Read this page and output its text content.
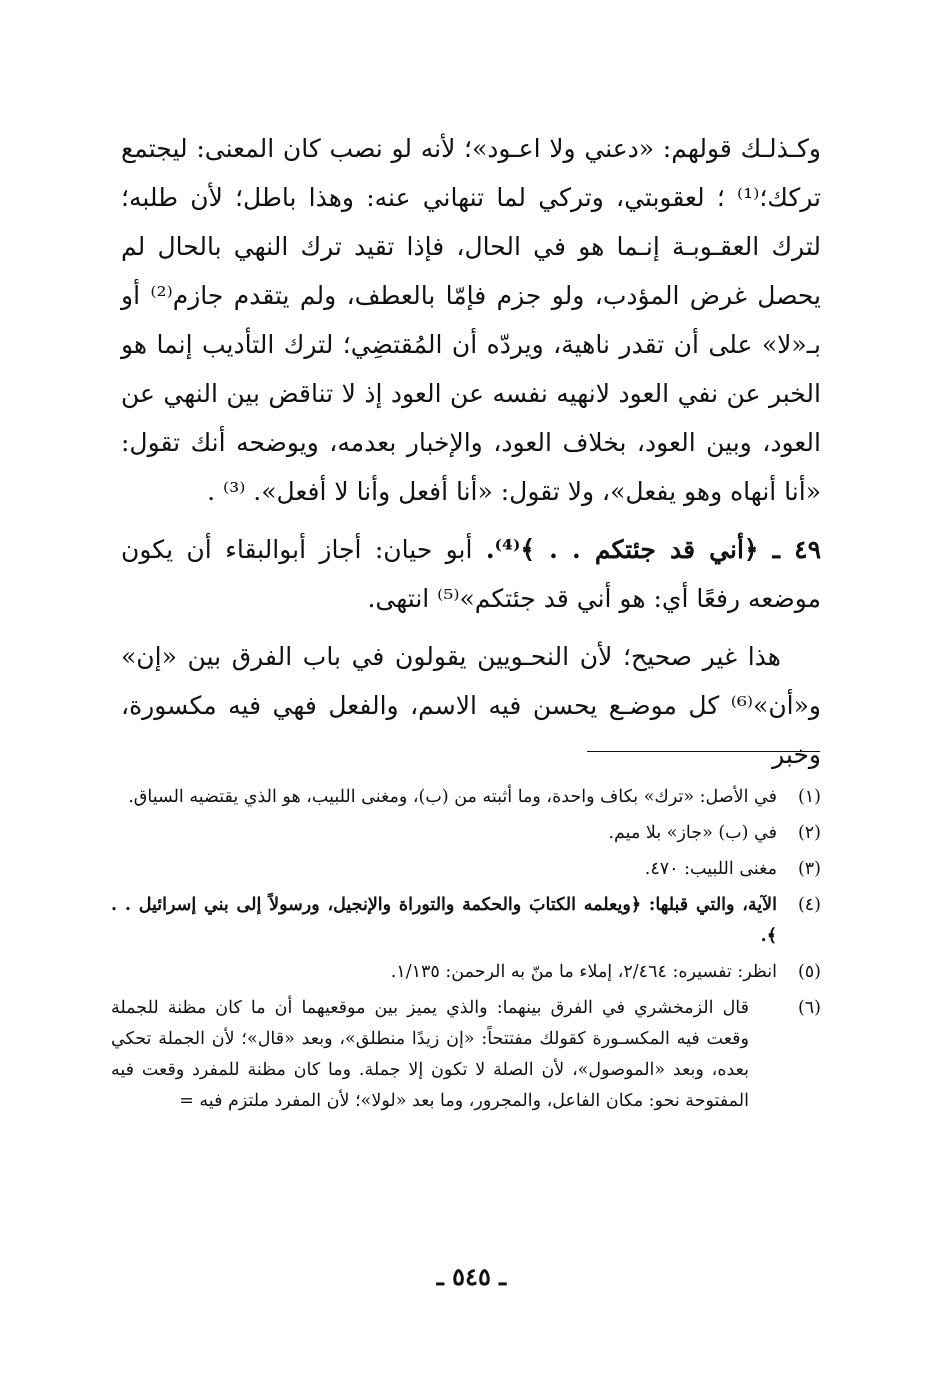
وكـذلـك قولهم: «دعني ولا اعـود»؛ لأنه لو نصب كان المعنى: ليجتمع تركك؛⁽¹⁾ ؛ لعقوبتي، وتركي لما تنهاني عنه: وهذا باطل؛ لأن طلبه؛ لترك العقـوبـة إنـما هو في الحال، فإذا تقيد ترك النهي بالحال لم يحصل غرض المؤدب، ولو جزم فإمّا بالعطف، ولم يتقدم جازم⁽²⁾ أو بـ«لا» على أن تقدر ناهية، ويردّه أن المُقتضِي؛ لترك التأديب إنما هو الخبر عن نفي العود لانهيه نفسه عن العود إذ لا تناقض بين النهي عن العود، وبين العود، بخلاف العود، والإخبار بعدمه، ويوضحه أنك تقول: «أنا أنهاه وهو يفعل»، ولا تقول: «أنا أفعل وأنا لا أفعل». ⁽³⁾ .

٤٩ ـ ﴿أني قد جئتكم . . ﴾⁽⁴⁾. أبو حيان: أجاز أبوالبقاء أن يكون موضعه رفعًا أي: هو أني قد جئتكم»⁽⁵⁾ انتهى.

هذا غير صحيح؛ لأن النحـويين يقولون في باب الفرق بين «إن» و«أن»⁽⁶⁾ كل موضـع يحسن فيه الاسم، والفعل فهي فيه مكسورة، وخبر

(١)
في الأصل: «ترك» بكاف واحدة، وما أثبته من (ب)، ومغنى اللبيب، هو الذي يقتضيه السياق.
(٢)
في (ب) «جاز» بلا ميم.
(٣)
مغنى اللبيب: ٤٧٠.
(٤)
الآية، والتي قبلها: ﴿ويعلمه الكتابَ والحكمة والتوراة والإنجيل، ورسولاً إلى بني إسرائيل . . ﴾.
(٥)
انظر: تفسيره: ٢/٤٦٤، إملاء ما منّ به الرحمن: ١/١٣٥.
(٦)
قال الزمخشري في الفرق بينهما: والذي يميز بين موقعيهما أن ما كان مظنة للجملة وقعت فيه المكسـورة كقولك مفتتحاً: «إن زيدًا منطلق»، وبعد «قال»؛ لأن الجملة تحكي بعده، وبعد «الموصول»، لأن الصلة لا تكون إلا جملة. وما كان مظنة للمفرد وقعت فيه المفتوحة نحو: مكان الفاعل، والمجرور، وما بعد «لولا»؛ لأن المفرد ملتزم فيه =
ـ ٥٤٥ ـ
